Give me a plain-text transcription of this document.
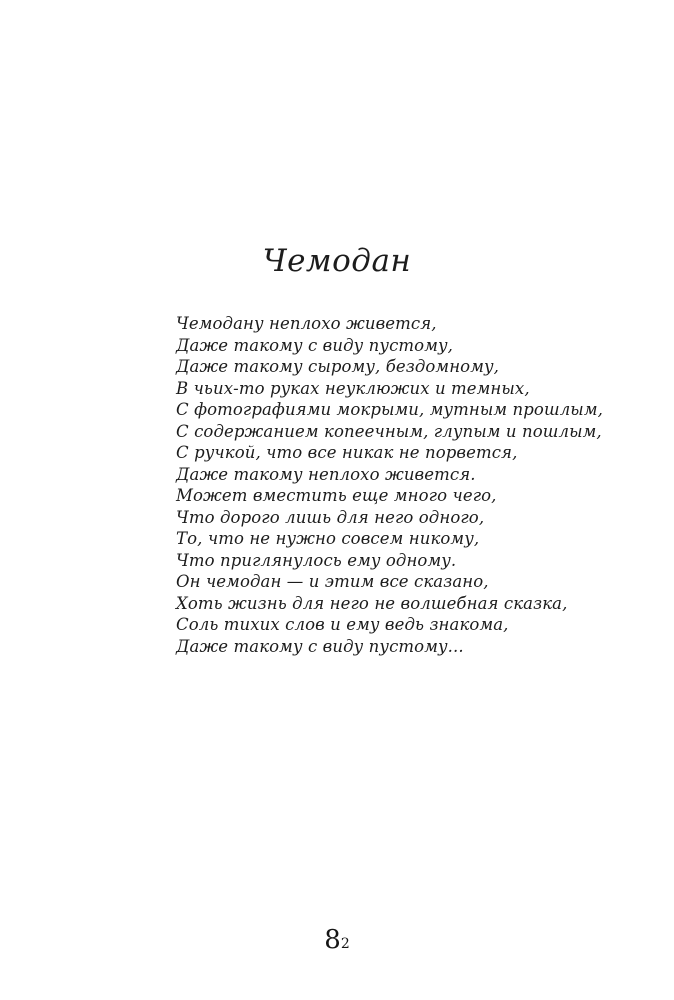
Чемодан
Чемодану неплохо живется,
Даже такому с виду пустому,
Даже такому сырому, бездомному,
В чьих-то руках неуклюжих и темных,
С фотографиями мокрыми, мутным прошлым,
С содержанием копеечным, глупым и пошлым,
С ручкой, что все никак не порвется,
Даже такому неплохо живется.
Может вместить еще много чего,
Что дорого лишь для него одного,
То, что не нужно совсем никому,
Что приглянулось ему одному.
Он чемодан — и этим все сказано,
Хоть жизнь для него не волшебная сказка,
Соль тихих слов и ему ведь знакома,
Даже такому с виду пустому...
82
